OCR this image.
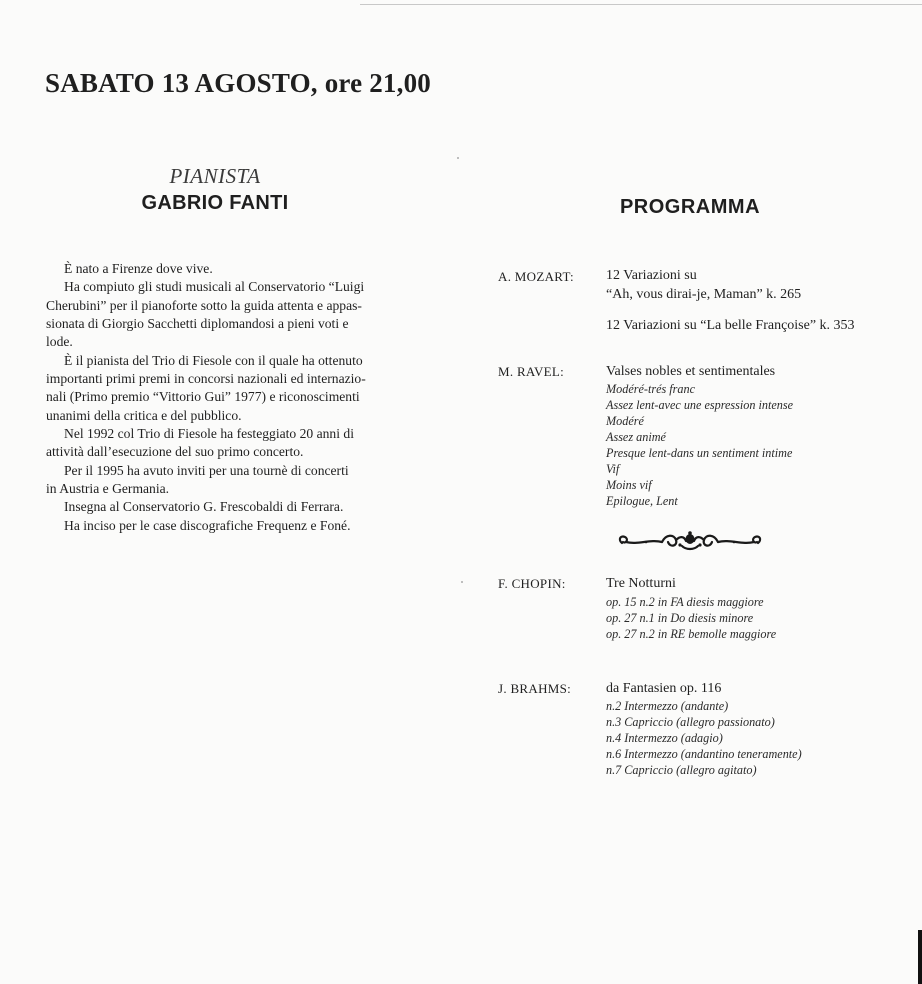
SABATO 13 AGOSTO, ore 21,00
PIANISTA
GABRIO FANTI	PROGRAMMA

È nato a Firenze dove vive.

Ha compiuto gli studi musicali al Conservatorio “Luigi

Cherubini” per il pianoforte sotto la guida attenta e appas-

sionata di Giorgio Sacchetti diplomandosi a pieni voti e

lode.

È il pianista del Trio di Fiesole con il quale ha ottenuto

importanti primi premi in concorsi nazionali ed internazio-

nali (Primo premio “Vittorio Gui” 1977) e riconoscimenti

unanimi della critica e del pubblico.

Nel 1992 col Trio di Fiesole ha festeggiato 20 anni di

attività dall’esecuzione del suo primo concerto.

Per il 1995 ha avuto inviti per una tournè di concerti

in Austria e Germania.

Insegna al Conservatorio G. Frescobaldi di Ferrara.

Ha inciso per le case discografiche Frequenz e Foné.

A. MOZART: 12 Variazioni su
“Ah, vous dirai-je, Maman” k. 265
12 Variazioni su “La belle Françoise” k. 353
M. RAVEL:	Valses nobles et sentimentales
Modéré-trés franc
Assez lent-avec une espression intense
Modéré
Assez animé
Presque lent-dans un sentiment intime
Vif
Moins vif
Epilogue, Lent
F. CHOPIN:	Tre Notturni
op. 15 n.2 in FA diesis maggiore
op. 27 n.1 in Do diesis minore
op. 27 n.2 in RE bemolle maggiore
J. BRAHMS: da Fantasien op. 116
n.2 Intermezzo (andante)
n.3 Capriccio (allegro passionato)
n.4 Intermezzo (adagio)
n.6 Intermezzo (andantino teneramente)
n.7 Capriccio (allegro agitato)
